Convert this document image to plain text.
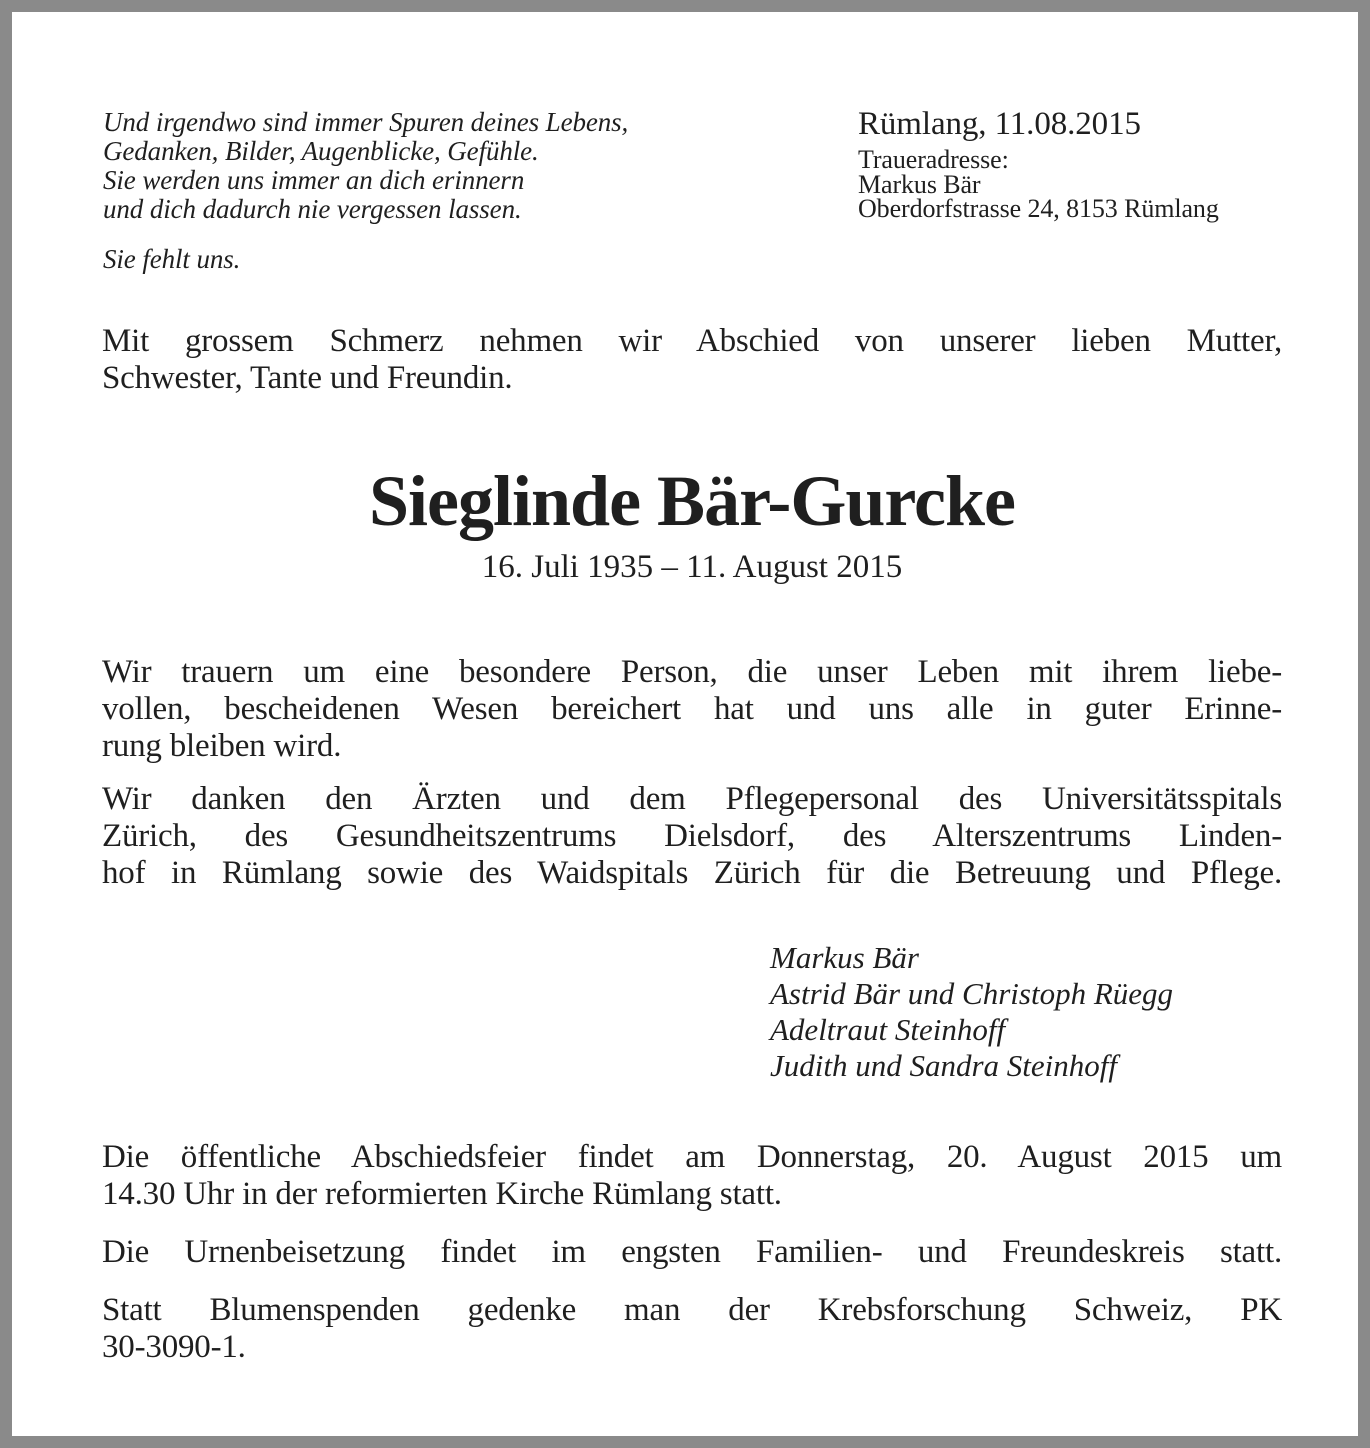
Und irgendwo sind immer Spuren deines Lebens,
Gedanken, Bilder, Augenblicke, Gefühle.
Sie werden uns immer an dich erinnern
und dich dadurch nie vergessen lassen.
Sie fehlt uns.
Rümlang, 11.08.2015
Traueradresse:
Markus Bär
Oberdorfstrasse 24, 8153 Rümlang
Mit grossem Schmerz nehmen wir Abschied von unserer lieben Mutter,
Schwester, Tante und Freundin.
Sieglinde Bär-Gurcke
16. Juli 1935 – 11. August 2015
Wir trauern um eine besondere Person, die unser Leben mit ihrem liebe-
vollen, bescheidenen Wesen bereichert hat und uns alle in guter Erinne-
rung bleiben wird.
Wir danken den Ärzten und dem Pflegepersonal des Universitätsspitals
Zürich, des Gesundheitszentrums Dielsdorf, des Alterszentrums Linden-
hof in Rümlang sowie des Waidspitals Zürich für die Betreuung und Pflege.
Markus Bär
Astrid Bär und Christoph Rüegg
Adeltraut Steinhoff
Judith und Sandra Steinhoff
Die öffentliche Abschiedsfeier findet am Donnerstag, 20. August 2015 um
14.30 Uhr in der reformierten Kirche Rümlang statt.
Die Urnenbeisetzung findet im engsten Familien- und Freundeskreis statt.
Statt Blumenspenden gedenke man der Krebsforschung Schweiz, PK
30-3090-1.
